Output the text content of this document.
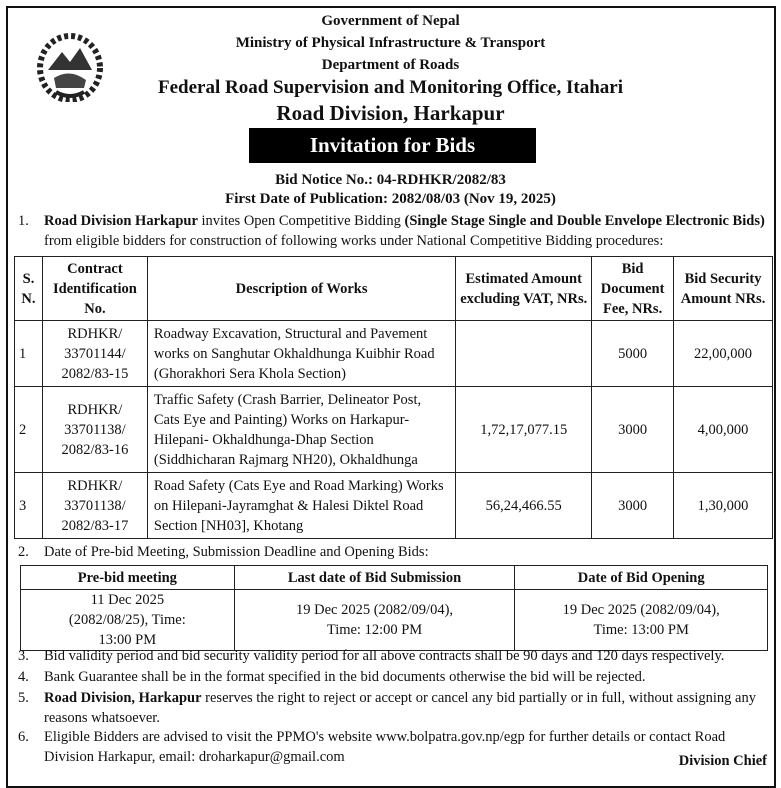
Government of Nepal
Ministry of Physical Infrastructure & Transport
Department of Roads
Federal Road Supervision and Monitoring Office, Itahari
Road Division, Harkapur
Invitation for Bids
Bid Notice No.: 04-RDHKR/2082/83
First Date of Publication: 2082/08/03 (Nov 19, 2025)
1. Road Division Harkapur invites Open Competitive Bidding (Single Stage Single and Double Envelope Electronic Bids) from eligible bidders for construction of following works under National Competitive Bidding procedures:
S. N.	Contract Identification No.	Description of Works	Estimated Amount excluding VAT, NRs.	Bid Document Fee, NRs.	Bid Security Amount NRs.
1	RDHKR/ 33701144/ 2082/83-15	Roadway Excavation, Structural and Pavement works on Sanghutar Okhaldhunga Kuibhir Road (Ghorakhori Sera Khola Section)		5000	22,00,000
2	RDHKR/ 33701138/ 2082/83-16	Traffic Safety (Crash Barrier, Delineator Post, Cats Eye and Painting) Works on Harkapur-Hilepani- Okhaldhunga-Dhap Section (Siddhicharan Rajmarg NH20), Okhaldhunga	1,72,17,077.15	3000	4,00,000
3	RDHKR/ 33701138/ 2082/83-17	Road Safety (Cats Eye and Road Marking) Works on Hilepani-Jayramghat & Halesi Diktel Road Section [NH03], Khotang	56,24,466.55	3000	1,30,000
2. Date of Pre-bid Meeting, Submission Deadline and Opening Bids:
Pre-bid meeting	Last date of Bid Submission	Date of Bid Opening
11 Dec 2025 (2082/08/25), Time: 13:00 PM	19 Dec 2025 (2082/09/04), Time: 12:00 PM	19 Dec 2025 (2082/09/04), Time: 13:00 PM
3. Bid validity period and bid security validity period for all above contracts shall be 90 days and 120 days respectively.
4. Bank Guarantee shall be in the format specified in the bid documents otherwise the bid will be rejected.
5. Road Division, Harkapur reserves the right to reject or accept or cancel any bid partially or in full, without assigning any reasons whatsoever.
6. Eligible Bidders are advised to visit the PPMO's website www.bolpatra.gov.np/egp for further details or contact Road Division Harkapur, email: droharkapur@gmail.com	Division Chief
